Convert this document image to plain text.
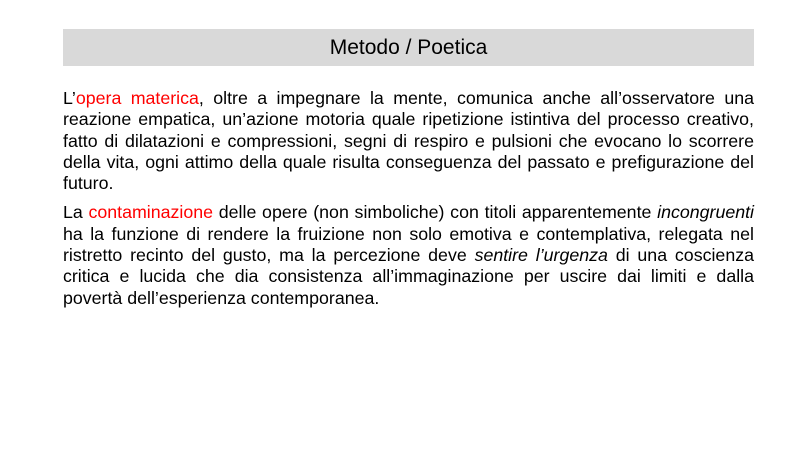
Metodo / Poetica

L’opera materica, oltre a impegnare la mente, comunica anche all’osservatore una reazione empatica, un’azione motoria quale ripetizione istintiva del processo creativo, fatto di dilatazioni e compressioni, segni di respiro e pulsioni che evocano lo scorrere della vita, ogni attimo della quale risulta conseguenza del passato e prefigurazione del futuro.

La contaminazione delle opere (non simboliche) con titoli apparentemente incongruenti ha la funzione di rendere la fruizione non solo emotiva e contemplativa, relegata nel ristretto recinto del gusto, ma la percezione deve sentire l’urgenza di una coscienza critica e lucida che dia consistenza all’immaginazione per uscire dai limiti e dalla povertà dell’esperienza contemporanea.
